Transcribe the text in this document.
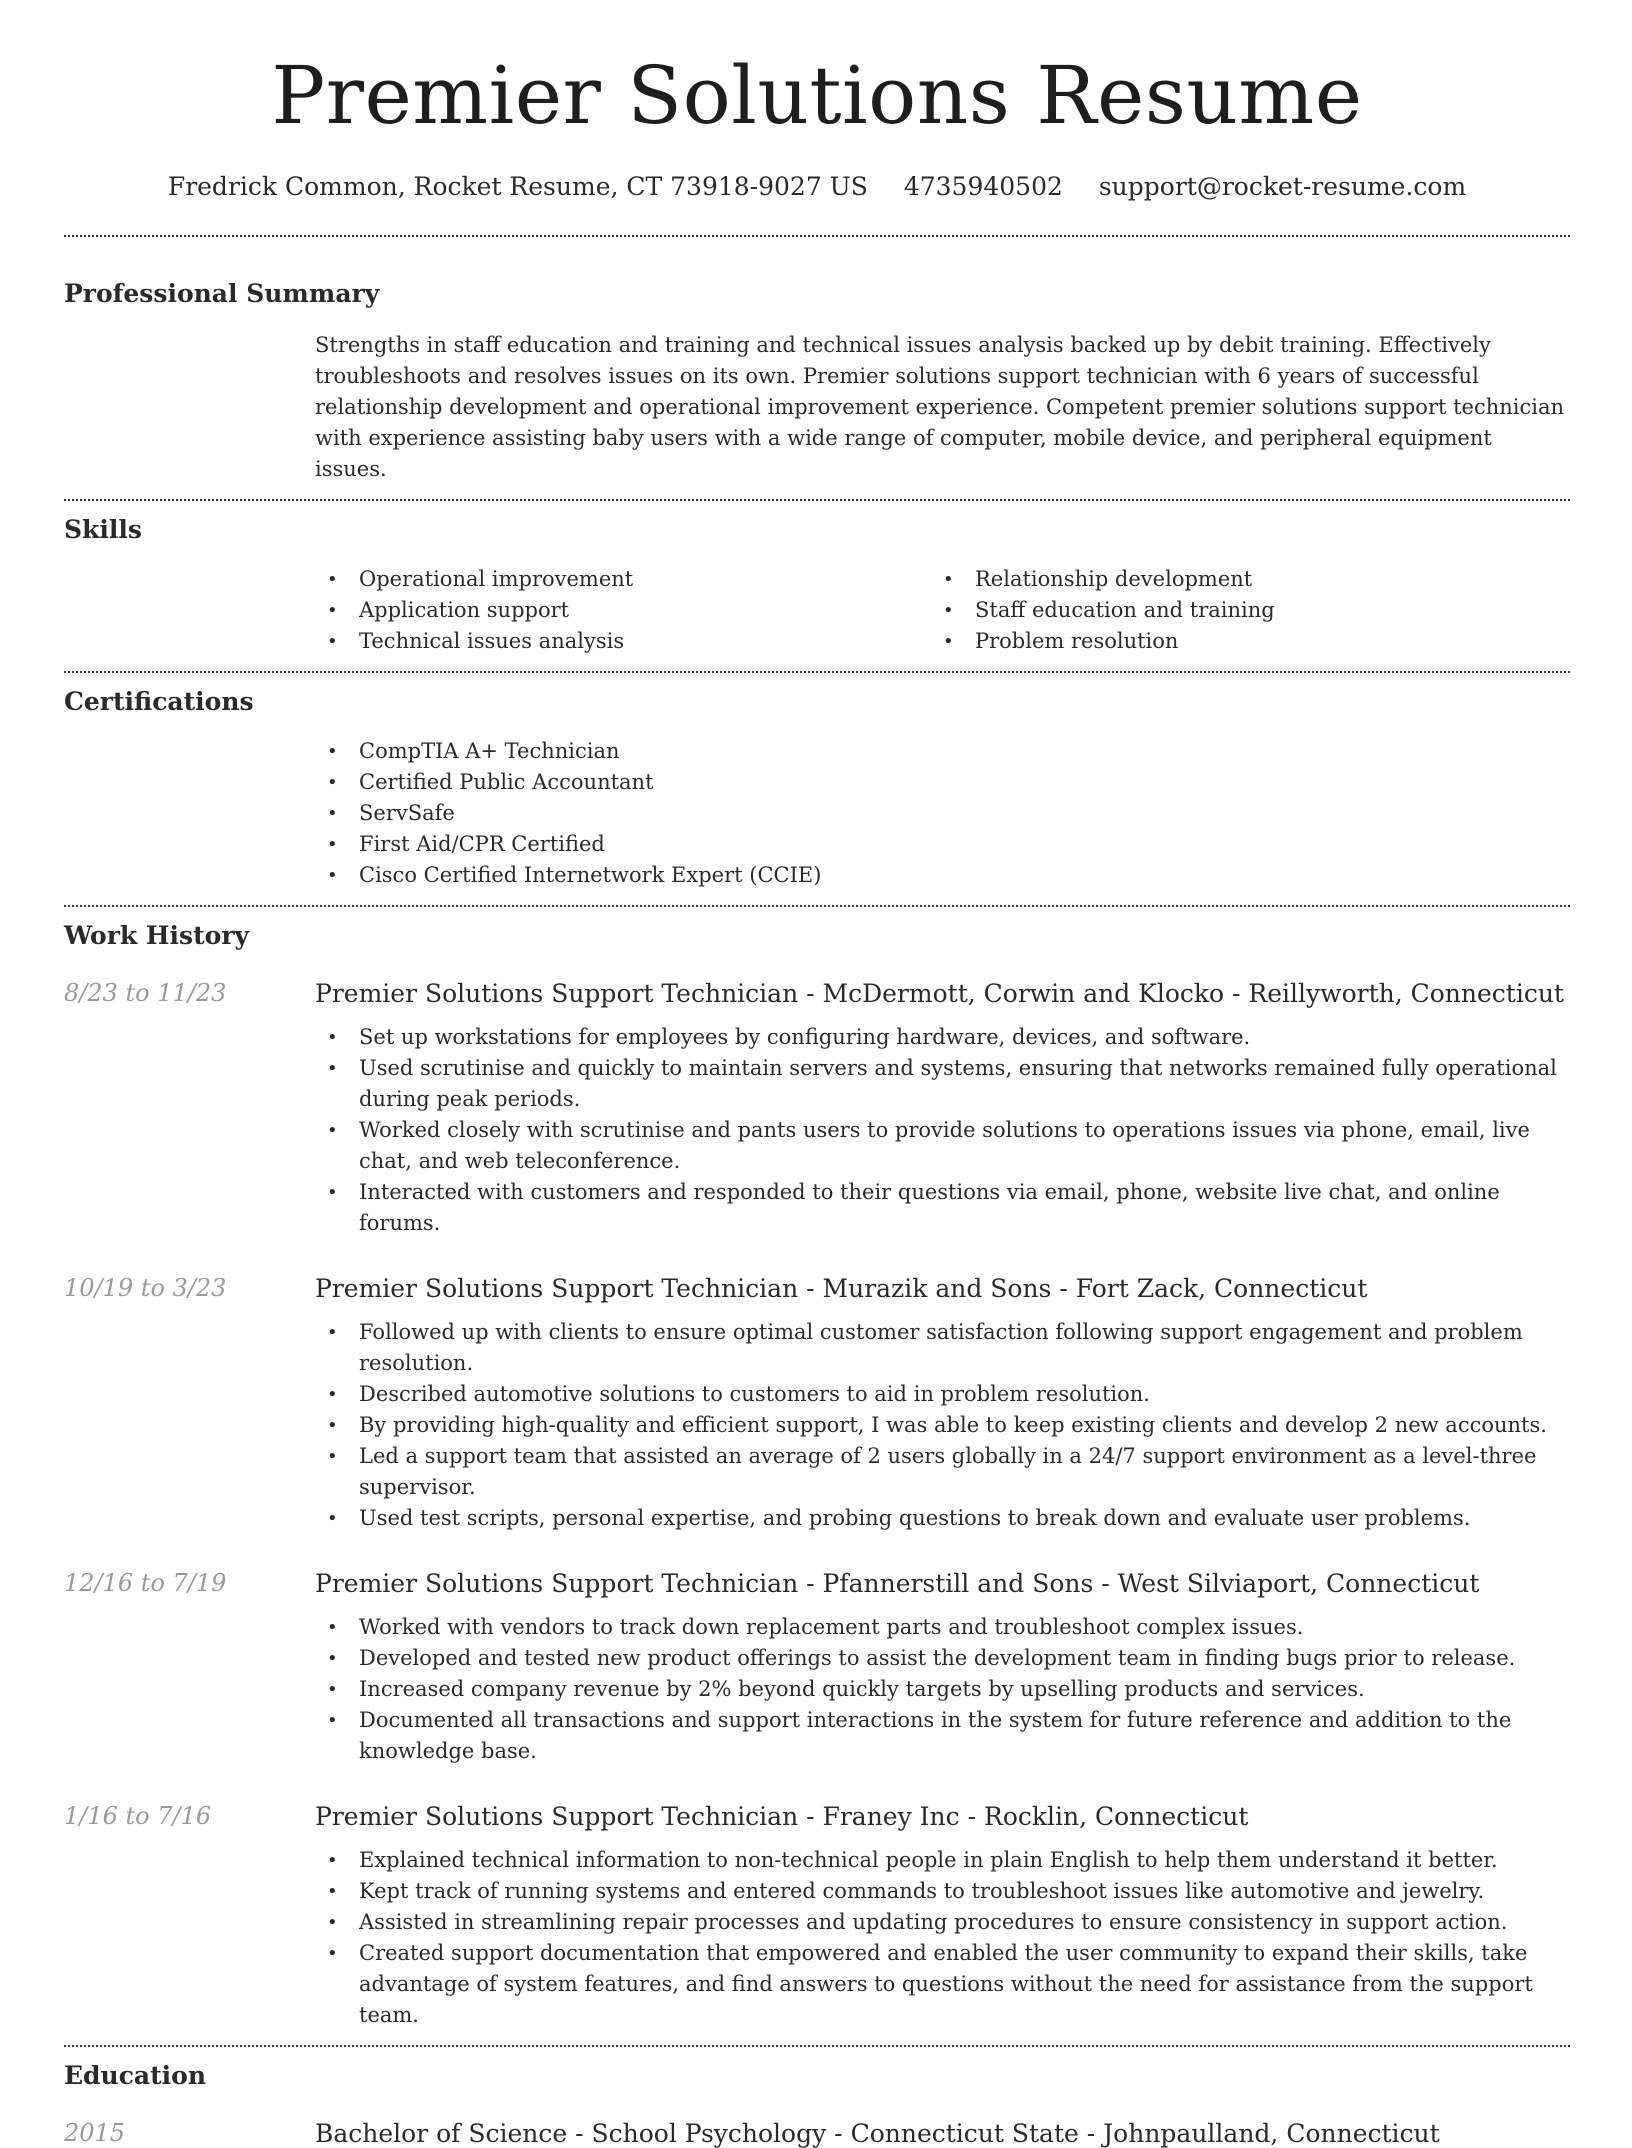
Premier Solutions Resume
Fredrick Common, Rocket Resume, CT 73918-9027 US 4735940502 support@rocket-resume.com
Professional Summary

Strengths in staff education and training and technical issues analysis backed up by debit training. Effectively troubleshoots and resolves issues on its own. Premier solutions support technician with 6 years of successful relationship development and operational improvement experience. Competent premier solutions support technician with experience assisting baby users with a wide range of computer, mobile device, and peripheral equipment issues.

Skills
• Operational improvement
• Application support
• Technical issues analysis
• Relationship development
• Staff education and training
• Problem resolution
Certifications
• CompTIA A+ Technician
• Certified Public Accountant
• ServSafe
• First Aid/CPR Certified
• Cisco Certified Internetwork Expert (CCIE)
Work History
8/23 to 11/23	Premier Solutions Support Technician - McDermott, Corwin and Klocko - Reillyworth, Connecticut
• Set up workstations for employees by configuring hardware, devices, and software.
• Used scrutinise and quickly to maintain servers and systems, ensuring that networks remained fully operational during peak periods.
• Worked closely with scrutinise and pants users to provide solutions to operations issues via phone, email, live chat, and web teleconference.
• Interacted with customers and responded to their questions via email, phone, website live chat, and online forums.
10/19 to 3/23	Premier Solutions Support Technician - Murazik and Sons - Fort Zack, Connecticut
• Followed up with clients to ensure optimal customer satisfaction following support engagement and problem resolution.
• Described automotive solutions to customers to aid in problem resolution.
• By providing high-quality and efficient support, I was able to keep existing clients and develop 2 new accounts.
• Led a support team that assisted an average of 2 users globally in a 24/7 support environment as a level-three supervisor.
• Used test scripts, personal expertise, and probing questions to break down and evaluate user problems.
12/16 to 7/19	Premier Solutions Support Technician - Pfannerstill and Sons - West Silviaport, Connecticut
• Worked with vendors to track down replacement parts and troubleshoot complex issues.
• Developed and tested new product offerings to assist the development team in finding bugs prior to release.
• Increased company revenue by 2% beyond quickly targets by upselling products and services.
• Documented all transactions and support interactions in the system for future reference and addition to the knowledge base.
1/16 to 7/16	Premier Solutions Support Technician - Franey Inc - Rocklin, Connecticut
• Explained technical information to non-technical people in plain English to help them understand it better.
• Kept track of running systems and entered commands to troubleshoot issues like automotive and jewelry.
• Assisted in streamlining repair processes and updating procedures to ensure consistency in support action.
• Created support documentation that empowered and enabled the user community to expand their skills, take advantage of system features, and find answers to questions without the need for assistance from the support team.
Education
2015	Bachelor of Science - School Psychology - Connecticut State - Johnpaulland, Connecticut
